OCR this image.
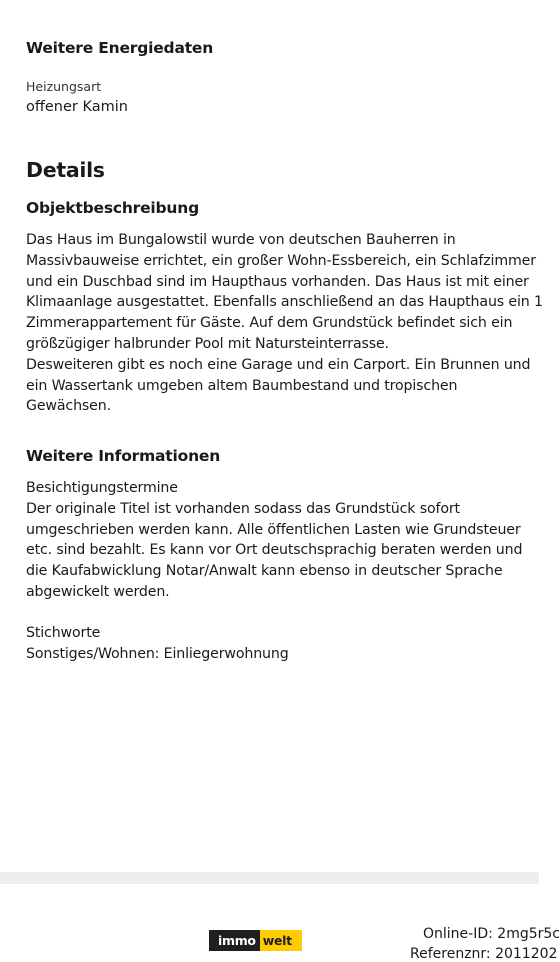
Weitere Energiedaten
Heizungsart
offener Kamin
Details
Objektbeschreibung
Das Haus im Bungalowstil wurde von deutschen Bauherren in
Massivbauweise errichtet, ein großer Wohn-Essbereich, ein Schlafzimmer
und ein Duschbad sind im Haupthaus vorhanden. Das Haus ist mit einer
Klimaanlage ausgestattet. Ebenfalls anschließend an das Haupthaus ein 1
Zimmerappartement für Gäste. Auf dem Grundstück befindet sich ein
größzügiger halbrunder Pool mit Natursteinterrasse.
Desweiteren gibt es noch eine Garage und ein Carport. Ein Brunnen und
ein Wassertank umgeben altem Baumbestand und tropischen
Gewächsen.
Weitere Informationen
Besichtigungstermine
Der originale Titel ist vorhanden sodass das Grundstück sofort
umgeschrieben werden kann. Alle öffentlichen Lasten wie Grundsteuer
etc. sind bezahlt. Es kann vor Ort deutschsprachig beraten werden und
die Kaufabwicklung Notar/Anwalt kann ebenso in deutscher Sprache
abgewickelt werden.
Stichworte
Sonstiges/Wohnen: Einliegerwohnung
immo welt	Online-ID: 2mg5r5c
Referenznr: 2011202
